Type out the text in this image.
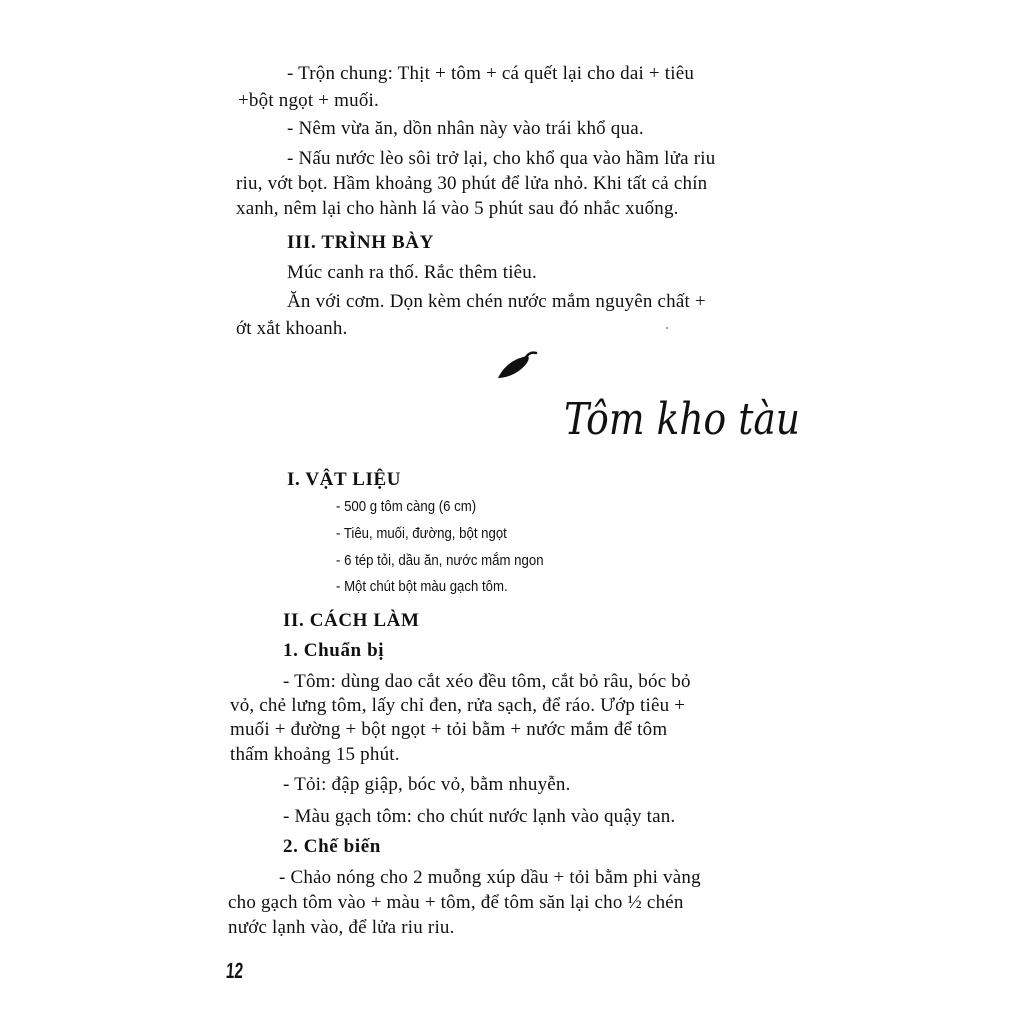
- Trộn chung: Thịt + tôm + cá quết lại cho dai + tiêu
+bột ngọt + muối.
- Nêm vừa ăn, dồn nhân này vào trái khổ qua.
- Nấu nước lèo sôi trở lại, cho khổ qua vào hầm lửa riu
riu, vớt bọt. Hầm khoảng 30 phút để lửa nhỏ. Khi tất cả chín
xanh, nêm lại cho hành lá vào 5 phút sau đó nhắc xuống.
III. TRÌNH BÀY
Múc canh ra thố. Rắc thêm tiêu.
Ăn với cơm. Dọn kèm chén nước mắm nguyên chất +
ớt xắt khoanh.
Tôm kho tàu
I. VẬT LIỆU
- 500 g tôm càng (6 cm)
- Tiêu, muối, đường, bột ngọt
- 6 tép tỏi, dầu ăn, nước mắm ngon
- Một chút bột màu gạch tôm.
II. CÁCH LÀM
1. Chuẩn bị
- Tôm: dùng dao cắt xéo đều tôm, cắt bỏ râu, bóc bỏ
vỏ, chẻ lưng tôm, lấy chỉ đen, rửa sạch, để ráo. Ướp tiêu +
muối + đường + bột ngọt + tỏi bằm + nước mắm để tôm
thấm khoảng 15 phút.
- Tỏi: đập giập, bóc vỏ, bằm nhuyễn.
- Màu gạch tôm: cho chút nước lạnh vào quậy tan.
2. Chế biến
- Chảo nóng cho 2 muỗng xúp dầu + tỏi bằm phi vàng
cho gạch tôm vào + màu + tôm, để tôm săn lại cho ½ chén
nước lạnh vào, để lửa riu riu.
12
